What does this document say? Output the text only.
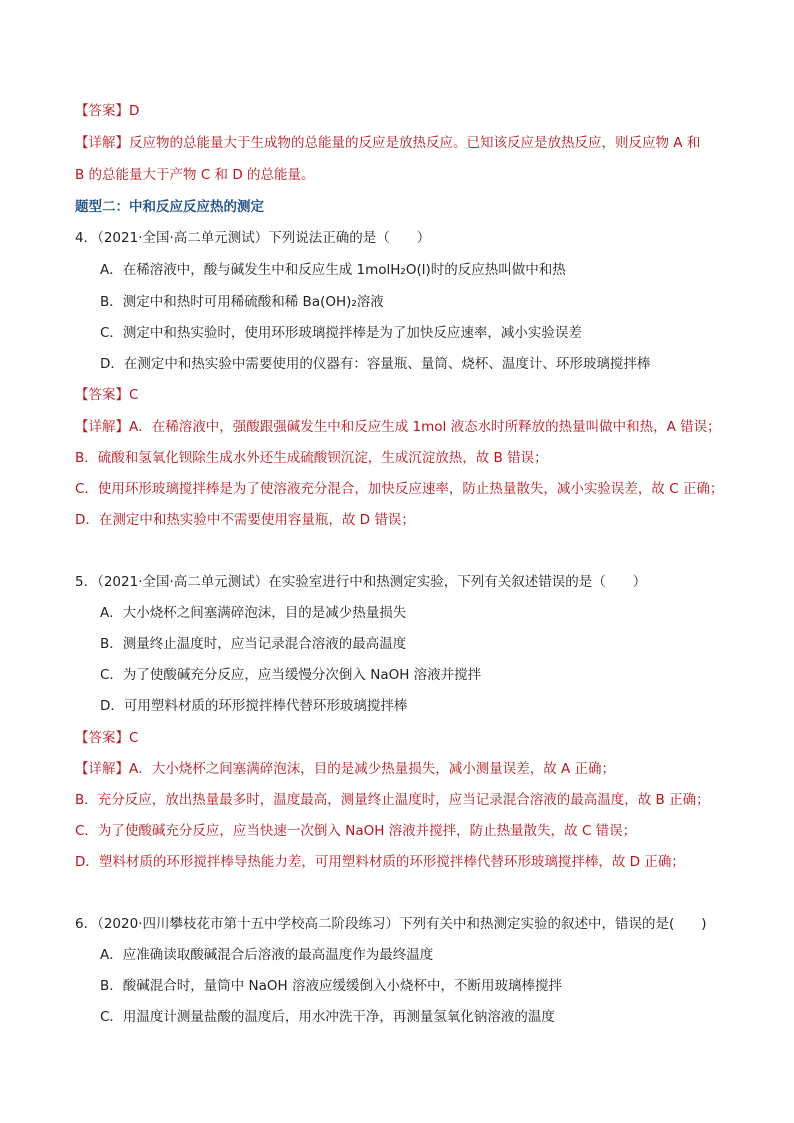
【答案】D
【详解】反应物的总能量大于生成物的总能量的反应是放热反应。已知该反应是放热反应，则反应物 A 和
B 的总能量大于产物 C 和 D 的总能量。
题型二：中和反应反应热的测定
4．（2021·全国·高二单元测试）下列说法正确的是（　　）
A．在稀溶液中，酸与碱发生中和反应生成 1molH₂O(l)时的反应热叫做中和热
B．测定中和热时可用稀硫酸和稀 Ba(OH)₂溶液
C．测定中和热实验时，使用环形玻璃搅拌棒是为了加快反应速率，减小实验误差
D．在测定中和热实验中需要使用的仪器有：容量瓶、量筒、烧杯、温度计、环形玻璃搅拌棒
【答案】C
【详解】A．在稀溶液中，强酸跟强碱发生中和反应生成 1mol 液态水时所释放的热量叫做中和热，A 错误；
B．硫酸和氢氧化钡除生成水外还生成硫酸钡沉淀，生成沉淀放热，故 B 错误；
C．使用环形玻璃搅拌棒是为了使溶液充分混合，加快反应速率，防止热量散失，减小实验误差，故 C 正确；
D．在测定中和热实验中不需要使用容量瓶，故 D 错误；
5．（2021·全国·高二单元测试）在实验室进行中和热测定实验，下列有关叙述错误的是（　　）
A．大小烧杯之间塞满碎泡沫，目的是减少热量损失
B．测量终止温度时，应当记录混合溶液的最高温度
C．为了使酸碱充分反应，应当缓慢分次倒入 NaOH 溶液并搅拌
D．可用塑料材质的环形搅拌棒代替环形玻璃搅拌棒
【答案】C
【详解】A．大小烧杯之间塞满碎泡沫，目的是减少热量损失，减小测量误差，故 A 正确；
B．充分反应，放出热量最多时，温度最高，测量终止温度时，应当记录混合溶液的最高温度，故 B 正确；
C．为了使酸碱充分反应，应当快速一次倒入 NaOH 溶液并搅拌，防止热量散失，故 C 错误；
D．塑料材质的环形搅拌棒导热能力差，可用塑料材质的环形搅拌棒代替环形玻璃搅拌棒，故 D 正确；
6．（2020·四川攀枝花市第十五中学校高二阶段练习）下列有关中和热测定实验的叙述中，错误的是(　　)
A．应准确读取酸碱混合后溶液的最高温度作为最终温度
B．酸碱混合时，量筒中 NaOH 溶液应缓缓倒入小烧杯中，不断用玻璃棒搅拌
C．用温度计测量盐酸的温度后，用水冲洗干净，再测量氢氧化钠溶液的温度
